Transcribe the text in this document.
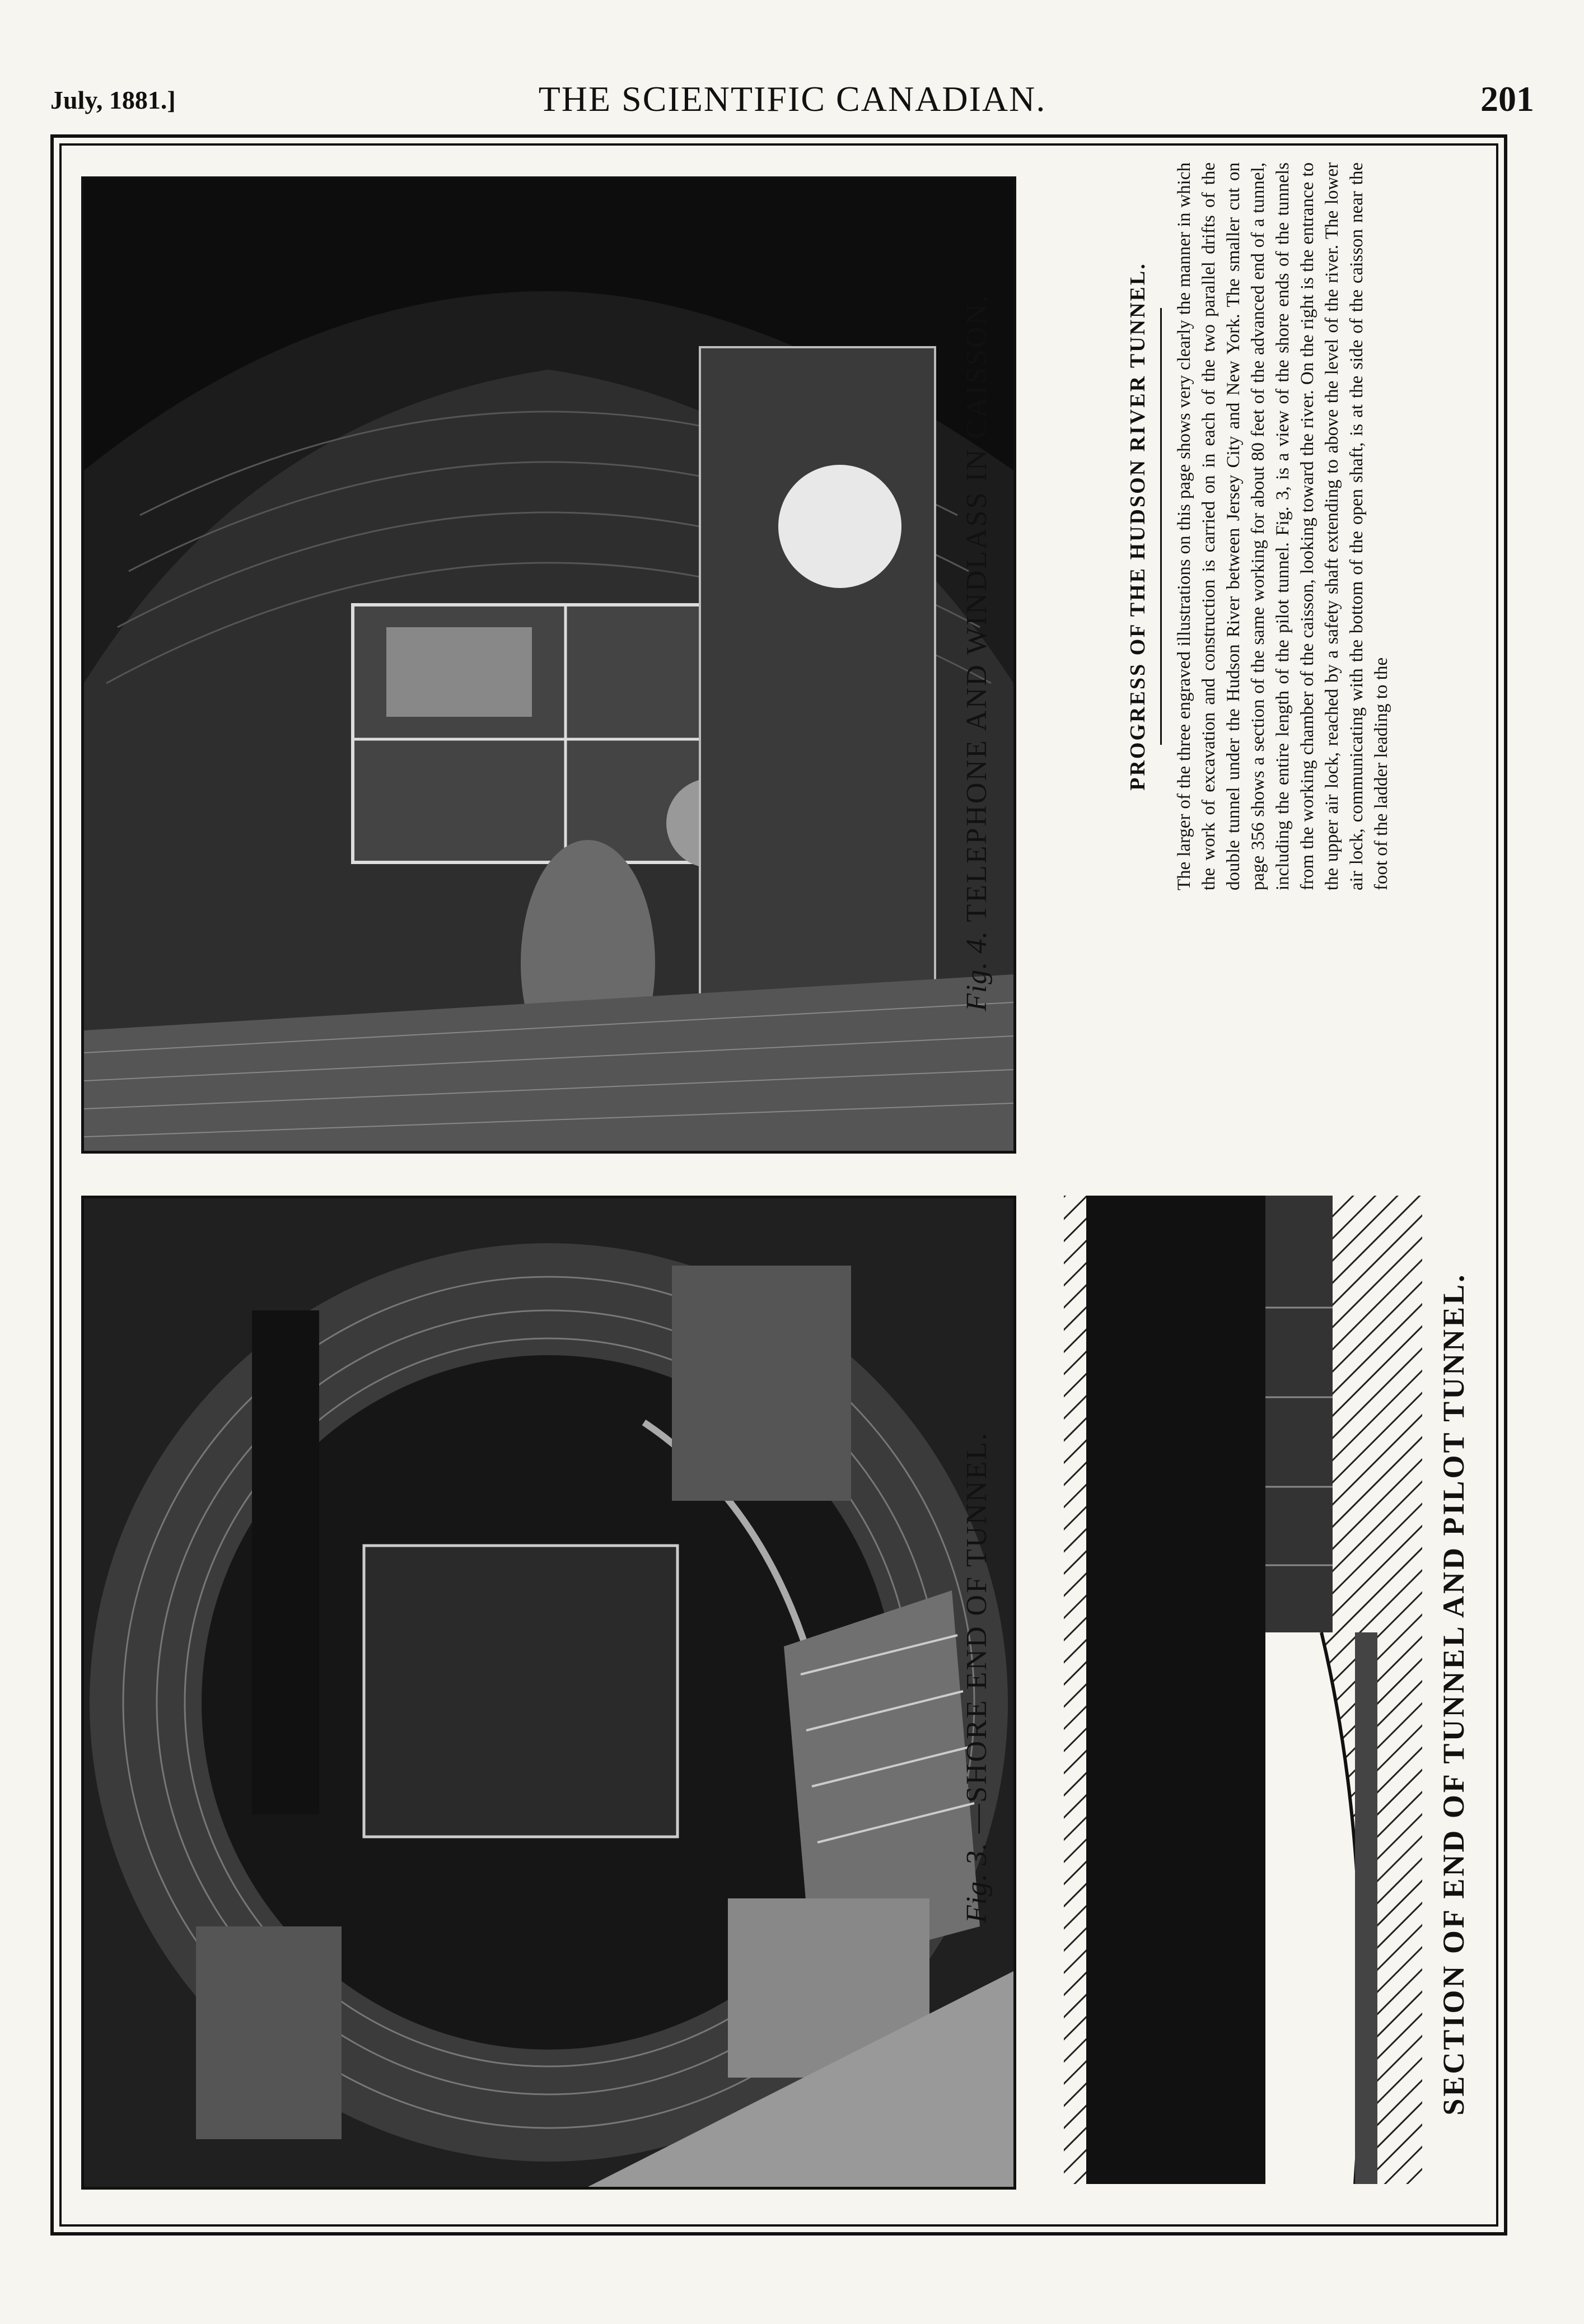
July, 1881.]	THE SCIENTIFIC CANADIAN.	201
Fig. 4. TELEPHONE AND WINDLASS IN CAISSON.
Fig. 3. —SHORE END OF TUNNEL.	SECTION OF END OF TUNNEL AND PILOT TUNNEL.
PROGRESS OF THE HUDSON RIVER TUNNEL. The larger of the three engraved illustrations on this page shows very clearly the manner in which the work of excavation and construction is carried on in each of the two parallel drifts of the double tunnel under the Hudson River between Jersey City and New York. The smaller cut on page 356 shows a section of the same working for about 80 feet of the advanced end of a tunnel, including the entire length of the pilot tunnel. Fig. 3, is a view of the shore ends of the tunnels from the working chamber of the caisson, looking toward the river. On the right is the entrance to the upper air lock, reached by a safety shaft extending to above the level of the river. The lower air lock, communicating with the bottom of the open shaft, is at the side of the caisson near the foot of the ladder leading to the
